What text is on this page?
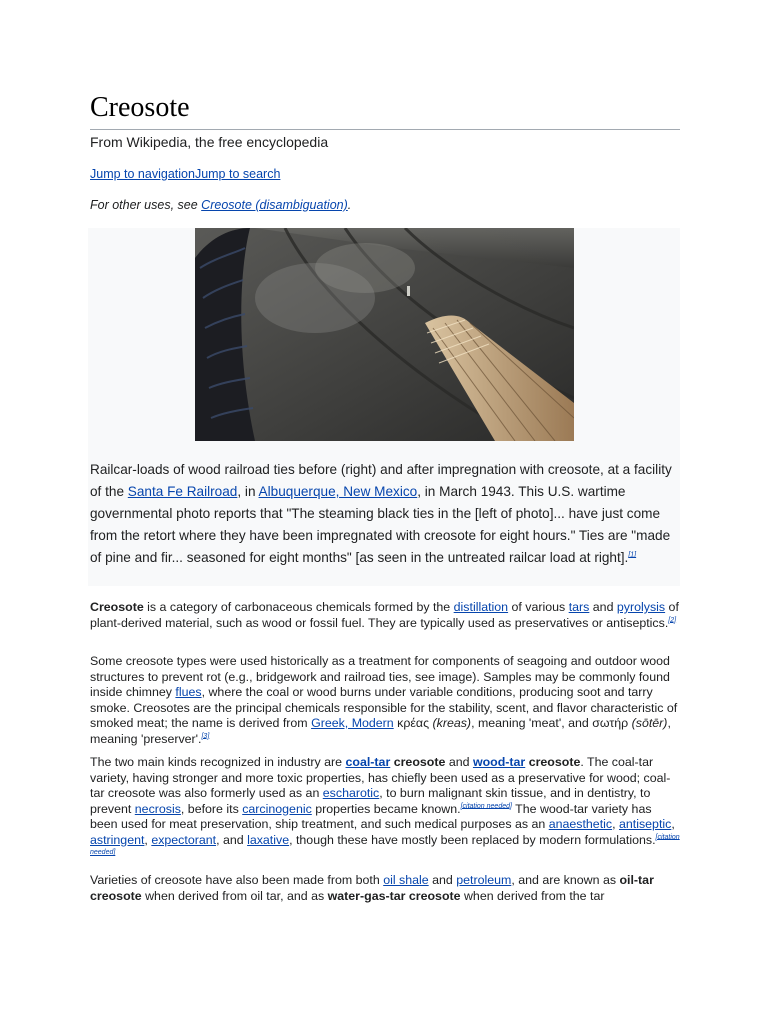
Creosote
From Wikipedia, the free encyclopedia
Jump to navigationJump to search
For other uses, see Creosote (disambiguation).
Railcar-loads of wood railroad ties before (right) and after impregnation with creosote, at a facility of the Santa Fe Railroad, in Albuquerque, New Mexico, in March 1943. This U.S. wartime governmental photo reports that "The steaming black ties in the [left of photo]... have just come from the retort where they have been impregnated with creosote for eight hours." Ties are "made of pine and fir... seasoned for eight months" [as seen in the untreated railcar load at right].[1]

Creosote is a category of carbonaceous chemicals formed by the distillation of various tars and pyrolysis of plant-derived material, such as wood or fossil fuel. They are typically used as preservatives or antiseptics.[2]

Some creosote types were used historically as a treatment for components of seagoing and outdoor wood structures to prevent rot (e.g., bridgework and railroad ties, see image). Samples may be commonly found inside chimney flues, where the coal or wood burns under variable conditions, producing soot and tarry smoke. Creosotes are the principal chemicals responsible for the stability, scent, and flavor characteristic of smoked meat; the name is derived from Greek, Modern κρέας (kreas), meaning 'meat', and σωτήρ (sōtēr), meaning 'preserver'.[3]

The two main kinds recognized in industry are coal-tar creosote and wood-tar creosote. The coal-tar variety, having stronger and more toxic properties, has chiefly been used as a preservative for wood; coal-tar creosote was also formerly used as an escharotic, to burn malignant skin tissue, and in dentistry, to prevent necrosis, before its carcinogenic properties became known.[citation needed] The wood-tar variety has been used for meat preservation, ship treatment, and such medical purposes as an anaesthetic, antiseptic, astringent, expectorant, and laxative, though these have mostly been replaced by modern formulations.[citation needed]

Varieties of creosote have also been made from both oil shale and petroleum, and are known as oil-tar creosote when derived from oil tar, and as water-gas-tar creosote when derived from the tar
